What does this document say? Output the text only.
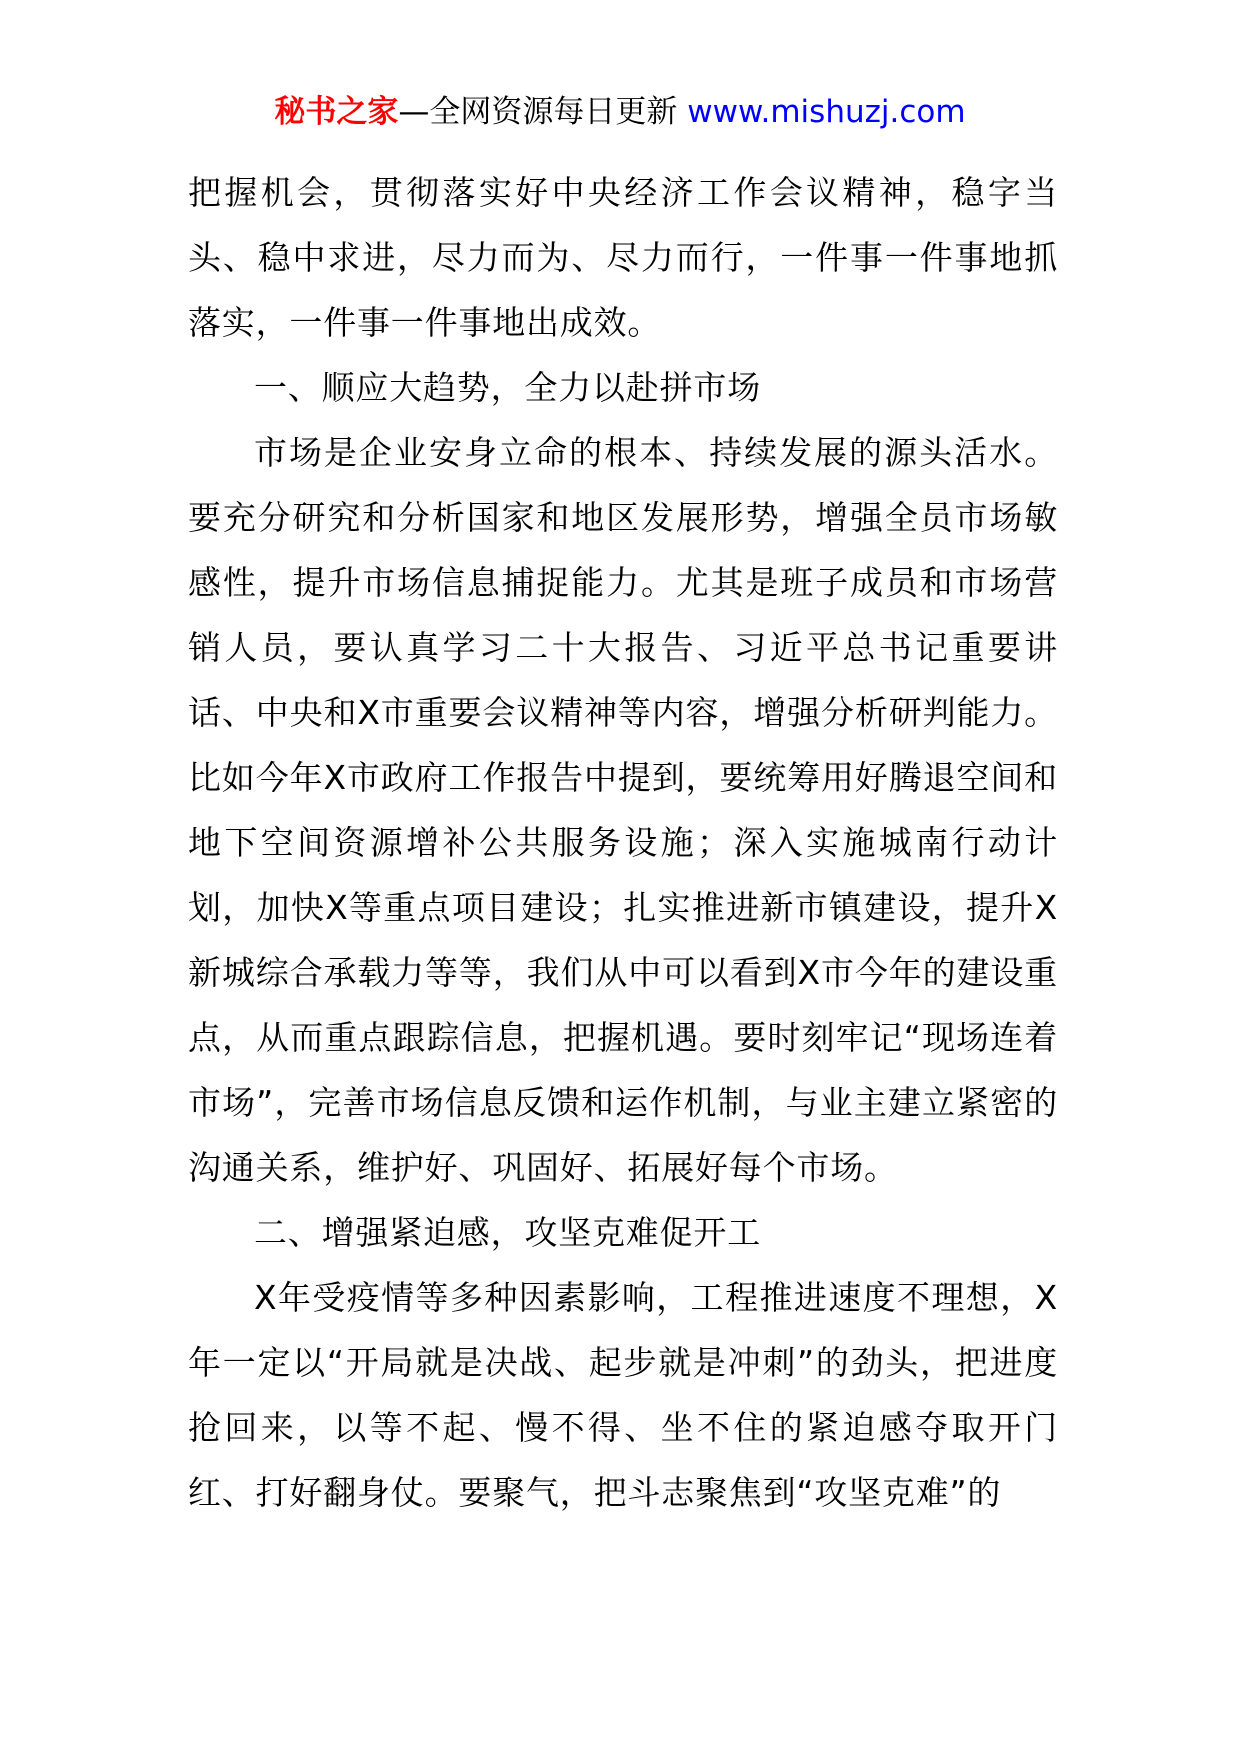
秘书之家—全网资源每日更新 www.mishuzj.com

把握机会，贯彻落实好中央经济工作会议精神，稳字当头、稳中求进，尽力而为、尽力而行，一件事一件事地抓落实，一件事一件事地出成效。

一、顺应大趋势，全力以赴拼市场

市场是企业安身立命的根本、持续发展的源头活水。要充分研究和分析国家和地区发展形势，增强全员市场敏感性，提升市场信息捕捉能力。尤其是班子成员和市场营销人员，要认真学习二十大报告、习近平总书记重要讲话、中央和X市重要会议精神等内容，增强分析研判能力。比如今年X市政府工作报告中提到，要统筹用好腾退空间和地下空间资源增补公共服务设施；深入实施城南行动计划，加快X等重点项目建设；扎实推进新市镇建设，提升X新城综合承载力等等，我们从中可以看到X市今年的建设重点，从而重点跟踪信息，把握机遇。要时刻牢记“现场连着市场”，完善市场信息反馈和运作机制，与业主建立紧密的沟通关系，维护好、巩固好、拓展好每个市场。

二、增强紧迫感，攻坚克难促开工

X年受疫情等多种因素影响，工程推进速度不理想，X年一定以“开局就是决战、起步就是冲刺”的劲头，把进度抢回来，以等不起、慢不得、坐不住的紧迫感夺取开门红、打好翻身仗。要聚气，把斗志聚焦到“攻坚克难”的
